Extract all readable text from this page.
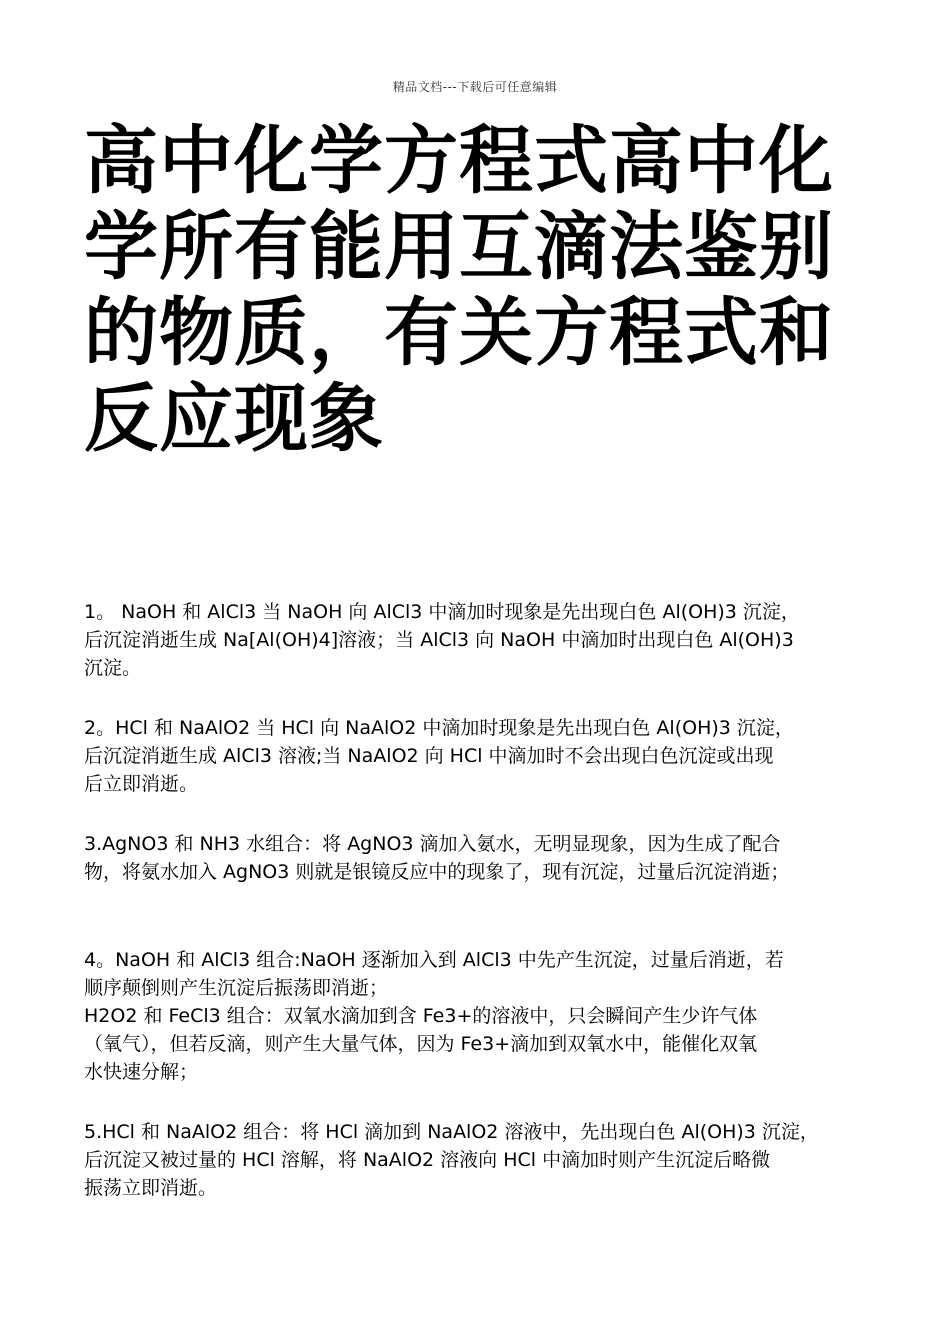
精品文档---下载后可任意编辑
高中化学方程式高中化学所有能用互滴法鉴别的物质，有关方程式和反应现象

1。 NaOH 和 AlCl3 当 NaOH 向 AlCl3 中滴加时现象是先出现白色 Al(OH)3 沉淀，
后沉淀消逝生成 Na[Al(OH)4]溶液；当 AlCl3 向 NaOH 中滴加时出现白色 Al(OH)3
沉淀。

2。HCl 和 NaAlO2 当 HCl 向 NaAlO2 中滴加时现象是先出现白色 Al(OH)3 沉淀，
后沉淀消逝生成 AlCl3 溶液;当 NaAlO2 向 HCl 中滴加时不会出现白色沉淀或出现
后立即消逝。

3.AgNO3 和 NH3 水组合：将 AgNO3 滴加入氨水，无明显现象，因为生成了配合
物，将氨水加入 AgNO3 则就是银镜反应中的现象了，现有沉淀，过量后沉淀消逝；

4。NaOH 和 AlCl3 组合:NaOH 逐渐加入到 AlCl3 中先产生沉淀，过量后消逝，若
顺序颠倒则产生沉淀后振荡即消逝；
H2O2 和 FeCl3 组合：双氧水滴加到含 Fe3+的溶液中，只会瞬间产生少许气体
（氧气），但若反滴，则产生大量气体，因为 Fe3+滴加到双氧水中，能催化双氧
水快速分解；

5.HCl 和 NaAlO2 组合：将 HCl 滴加到 NaAlO2 溶液中，先出现白色 Al(OH)3 沉淀，
后沉淀又被过量的 HCl 溶解，将 NaAlO2 溶液向 HCl 中滴加时则产生沉淀后略微
振荡立即消逝。
